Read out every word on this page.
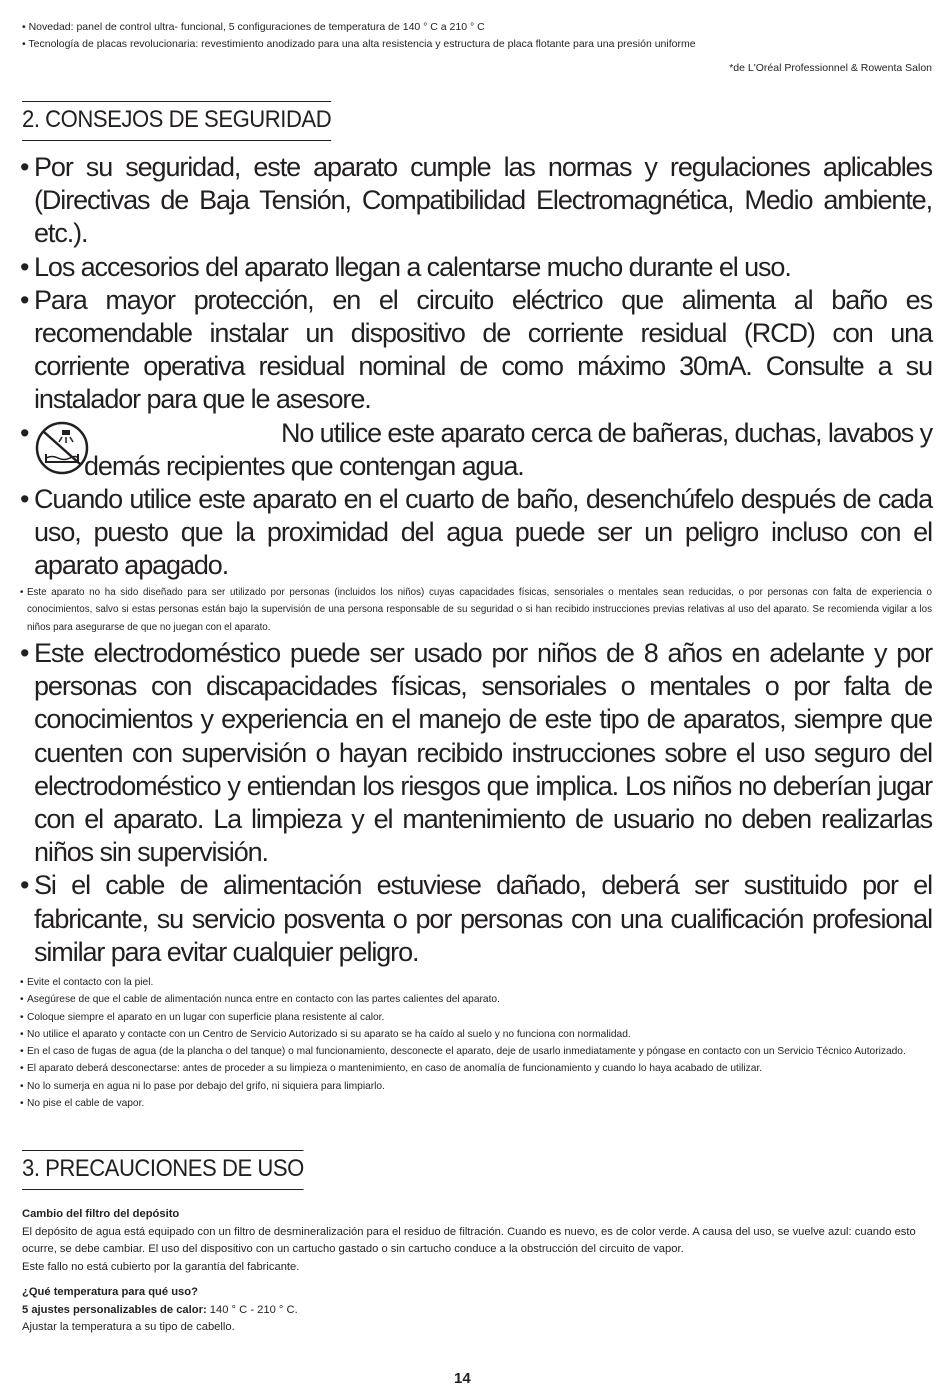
• Novedad: panel de control ultra- funcional, 5 configuraciones de temperatura de 140 ° C a 210 ° C
• Tecnología de placas revolucionaria: revestimiento anodizado para una alta resistencia y estructura de placa flotante para una presión uniforme
*de L'Oréal Professionnel & Rowenta Salon
2. CONSEJOS DE SEGURIDAD
• Por su seguridad, este aparato cumple las normas y regulaciones aplicables (Directivas de Baja Tensión, Compatibilidad Electromagnética, Medio ambiente, etc.).
• Los accesorios del aparato llegan a calentarse mucho durante el uso.
• Para mayor protección, en el circuito eléctrico que alimenta al baño es recomendable instalar un dispositivo de corriente residual (RCD) con una corriente operativa residual nominal de como máximo 30mA. Consulte a su instalador para que le asesore.
• No utilice este aparato cerca de bañeras, duchas, lavabos y
demás recipientes que contengan agua.
• Cuando utilice este aparato en el cuarto de baño, desenchúfelo después de cada uso, puesto que la proximidad del agua puede ser un peligro incluso con el aparato apagado.
• Este aparato no ha sido diseñado para ser utilizado por personas (incluidos los niños) cuyas capacidades físicas, sensoriales o mentales sean reducidas, o por personas con falta de experiencia o conocimientos, salvo si estas personas están bajo la supervisión de una persona responsable de su seguridad o si han recibido instrucciones previas relativas al uso del aparato. Se recomienda vigilar a los niños para asegurarse de que no juegan con el aparato.
• Este electrodoméstico puede ser usado por niños de 8 años en adelante y por personas con discapacidades físicas, sensoriales o mentales o por falta de conocimientos y experiencia en el manejo de este tipo de aparatos, siempre que cuenten con supervisión o hayan recibido instrucciones sobre el uso seguro del electrodoméstico y entiendan los riesgos que implica. Los niños no deberían jugar con el aparato. La limpieza y el mantenimiento de usuario no deben realizarlas niños sin supervisión.
• Si el cable de alimentación estuviese dañado, deberá ser sustituido por el fabricante, su servicio posventa o por personas con una cualificación profesional similar para evitar cualquier peligro.
• Evite el contacto con la piel.
• Asegúrese de que el cable de alimentación nunca entre en contacto con las partes calientes del aparato.
• Coloque siempre el aparato en un lugar con superficie plana resistente al calor.
• No utilice el aparato y contacte con un Centro de Servicio Autorizado si su aparato se ha caído al suelo y no funciona con normalidad.
• En el caso de fugas de agua (de la plancha o del tanque) o mal funcionamiento, desconecte el aparato, deje de usarlo inmediatamente y póngase en contacto con un Servicio Técnico Autorizado.
• El aparato deberá desconectarse: antes de proceder a su limpieza o mantenimiento, en caso de anomalía de funcionamiento y cuando lo haya acabado de utilizar.
• No lo sumerja en agua ni lo pase por debajo del grifo, ni siquiera para limpiarlo.
• No pise el cable de vapor.
3. PRECAUCIONES DE USO

Cambio del filtro del depósito

El depósito de agua está equipado con un filtro de desmineralización para el residuo de filtración. Cuando es nuevo, es de color verde. A causa del uso, se vuelve azul: cuando esto ocurre, se debe cambiar. El uso del dispositivo con un cartucho gastado o sin cartucho conduce a la obstrucción del circuito de vapor.

Este fallo no está cubierto por la garantía del fabricante.

¿Qué temperatura para qué uso?

5 ajustes personalizables de calor: 140 ° C - 210 ° C.

Ajustar la temperatura a su tipo de cabello.

14
